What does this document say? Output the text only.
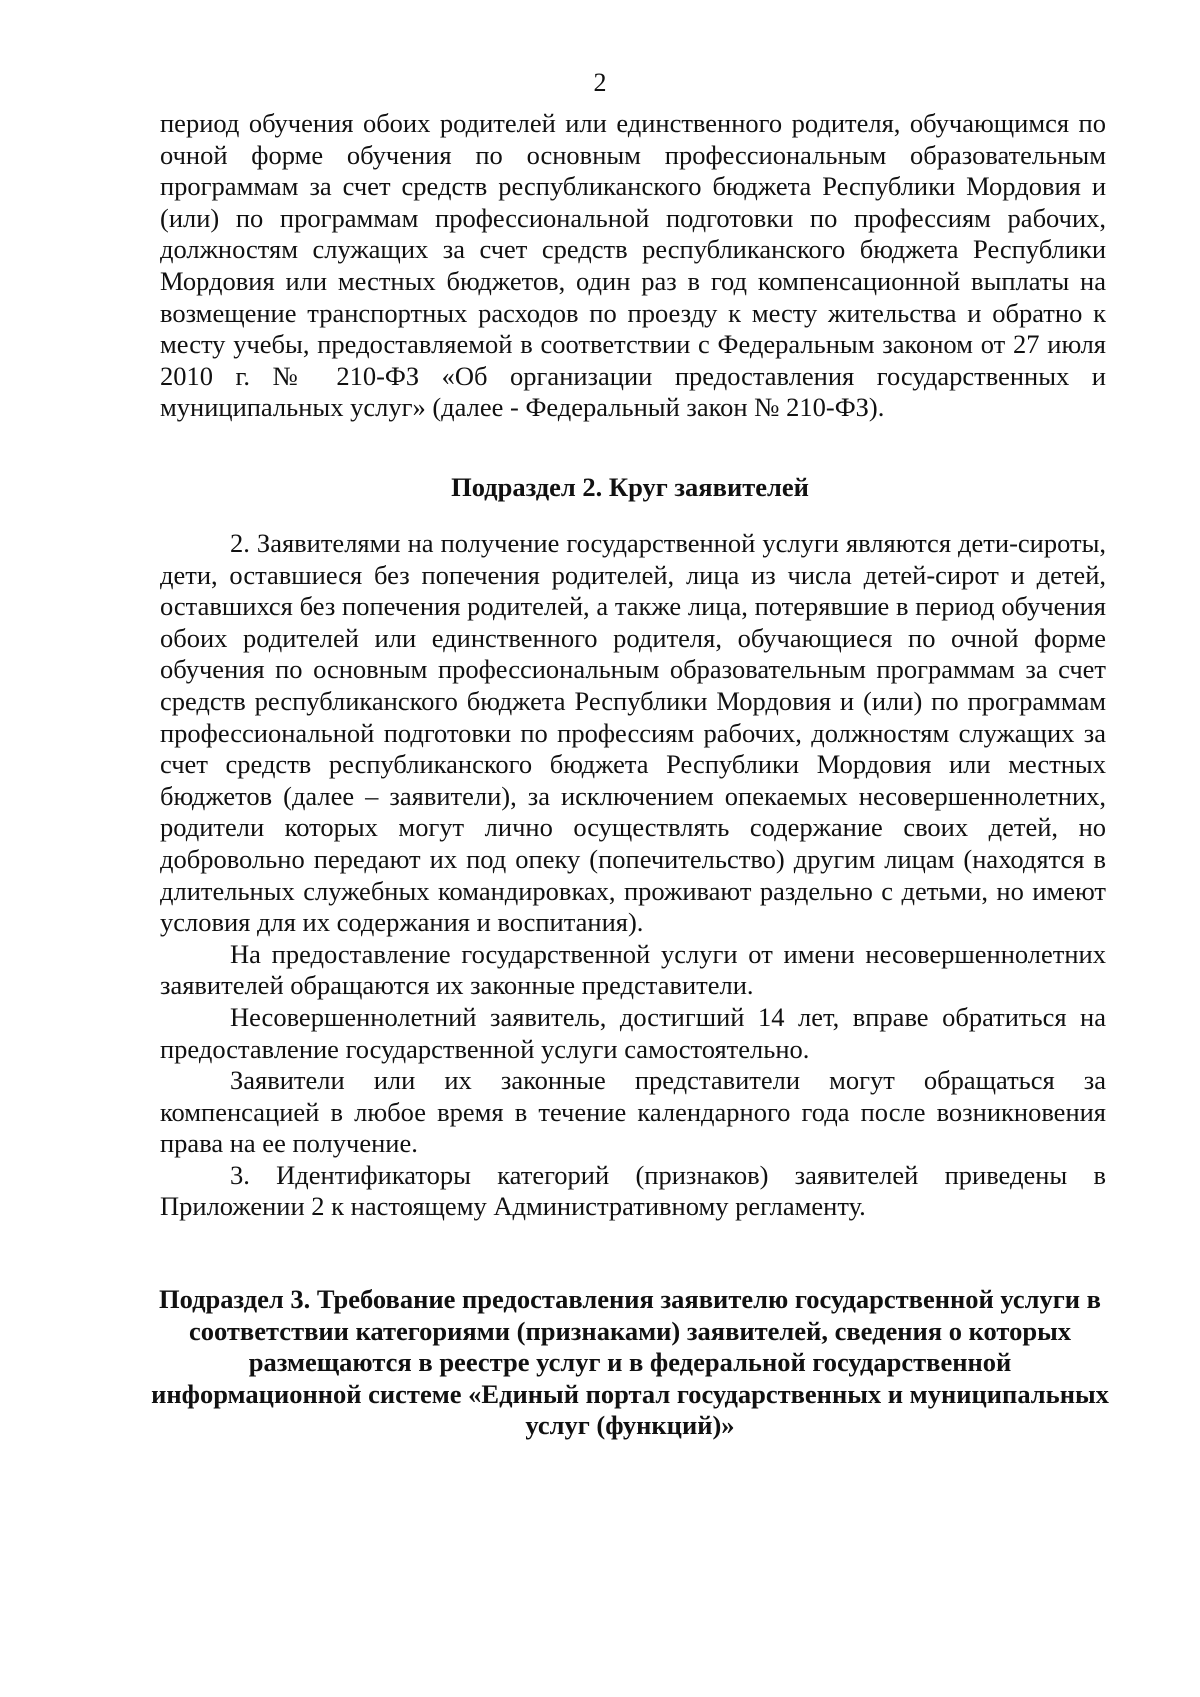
2

период обучения обоих родителей или единственного родителя, обучающимся по очной форме обучения по основным профессиональным образовательным программам за счет средств республиканского бюджета Республики Мордовия и (или) по программам профессиональной подготовки по профессиям рабочих, должностям служащих за счет средств республиканского бюджета Республики Мордовия или местных бюджетов, один раз в год компенсационной выплаты на возмещение транспортных расходов по проезду к месту жительства и обратно к месту учебы, предоставляемой в соответствии с Федеральным законом от 27 июля 2010 г. № 210-ФЗ «Об организации предоставления государственных и муниципальных услуг» (далее - Федеральный закон № 210-ФЗ).

Подраздел 2. Круг заявителей

2. Заявителями на получение государственной услуги являются дети-сироты, дети, оставшиеся без попечения родителей, лица из числа детей-сирот и детей, оставшихся без попечения родителей, а также лица, потерявшие в период обучения обоих родителей или единственного родителя, обучающиеся по очной форме обучения по основным профессиональным образовательным программам за счет средств республиканского бюджета Республики Мордовия и (или) по программам профессиональной подготовки по профессиям рабочих, должностям служащих за счет средств республиканского бюджета Республики Мордовия или местных бюджетов (далее – заявители), за исключением опекаемых несовершеннолетних, родители которых могут лично осуществлять содержание своих детей, но добровольно передают их под опеку (попечительство) другим лицам (находятся в длительных служебных командировках, проживают раздельно с детьми, но имеют условия для их содержания и воспитания).

На предоставление государственной услуги от имени несовершеннолетних заявителей обращаются их законные представители.

Несовершеннолетний заявитель, достигший 14 лет, вправе обратиться на предоставление государственной услуги самостоятельно.

Заявители или их законные представители могут обращаться за компенсацией в любое время в течение календарного года после возникновения права на ее получение.

3. Идентификаторы категорий (признаков) заявителей приведены в Приложении 2 к настоящему Административному регламенту.

Подраздел 3. Требование предоставления заявителю государственной услуги в соответствии категориями (признаками) заявителей, сведения о которых размещаются в реестре услуг и в федеральной государственной информационной системе «Единый портал государственных и муниципальных услуг (функций)»
